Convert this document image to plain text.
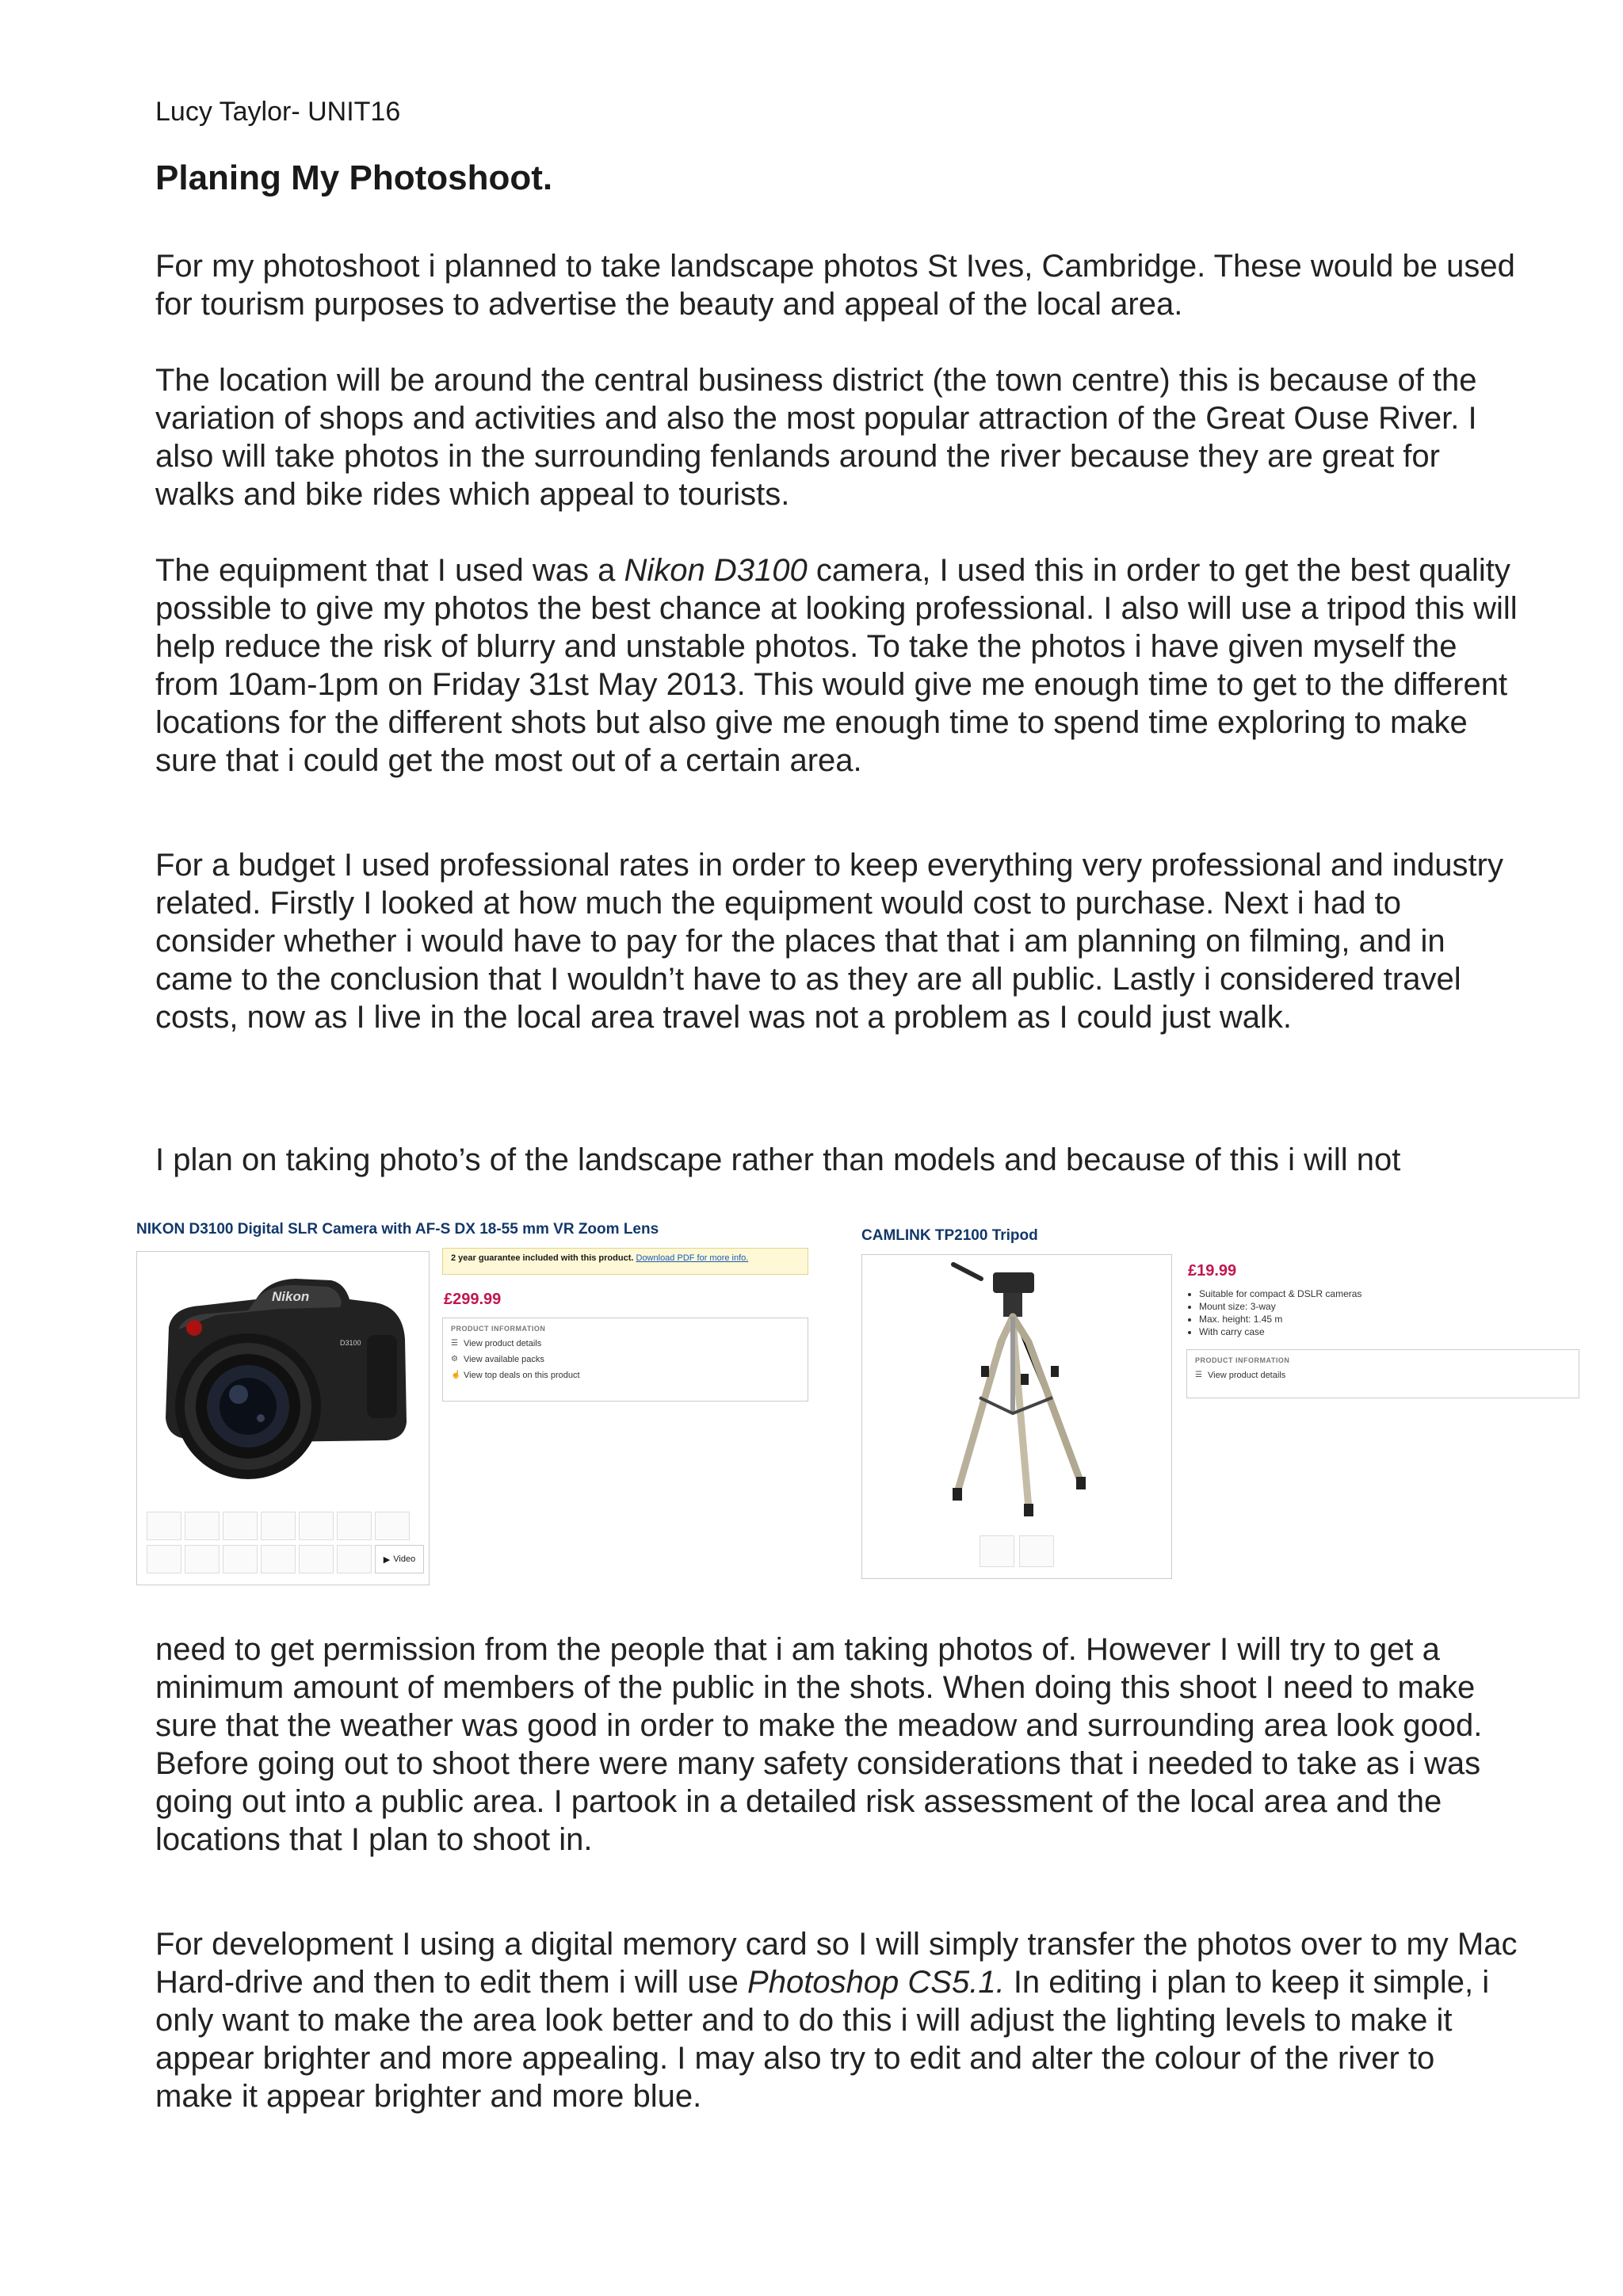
Lucy Taylor- UNIT16
Planing My Photoshoot.

For my photoshoot i planned to take landscape photos St Ives, Cambridge. These would be used for tourism purposes to advertise the beauty and appeal of the local area.

The location will be around the central business district (the town centre) this is because of the variation of shops and activities and also the most popular attraction of the Great Ouse River. I also will take photos in the surrounding fenlands around the river because they are great for walks and bike rides which appeal to tourists.

The equipment that I used was a Nikon D3100 camera, I used this in order to get the best quality possible to give my photos the best chance at looking professional. I also will use a tripod this will help reduce the risk of blurry and unstable photos. To take the photos i have given myself the from 10am-1pm on Friday 31st May 2013. This would give me enough time to get to the different locations for the different shots but also give me enough time to spend time exploring to make sure that i could get the most out of a certain area.

For a budget I used professional rates in order to keep everything very professional and industry related. Firstly I looked at how much the equipment would cost to purchase. Next i had to consider whether i would have to pay for the places that that i am planning on filming, and in came to the conclusion that I wouldn’t have to as they are all public. Lastly i considered travel costs, now as I live in the local area travel was not a problem as I could just walk.

I plan on taking photo’s of the landscape rather than models and because of this i will not

NIKON D3100 Digital SLR Camera with AF-S DX 18-55 mm VR Zoom Lens
Nikon
D3100
▶ Video
2 year guarantee included with this product. Download PDF for more info.
£299.99
PRODUCT INFORMATION
☰ View product details
⚙ View available packs
☝ View top deals on this product
CAMLINK TP2100 Tripod
£19.99
• Suitable for compact & DSLR cameras
• Mount size: 3-way
• Max. height: 1.45 m
• With carry case
PRODUCT INFORMATION
☰ View product details

need to get permission from the people that i am taking photos of. However I will try to get a minimum amount of members of the public in the shots. When doing this shoot I need to make sure that the weather was good in order to make the meadow and surrounding area look good. Before going out to shoot there were many safety considerations that i needed to take as i was going out into a public area. I partook in a detailed risk assessment of the local area and the locations that I plan to shoot in.

For development I using a digital memory card so I will simply transfer the photos over to my Mac Hard-drive and then to edit them i will use Photoshop CS5.1. In editing i plan to keep it simple, i only want to make the area look better and to do this i will adjust the lighting levels to make it appear brighter and more appealing. I may also try to edit and alter the colour of the river to make it appear brighter and more blue.
